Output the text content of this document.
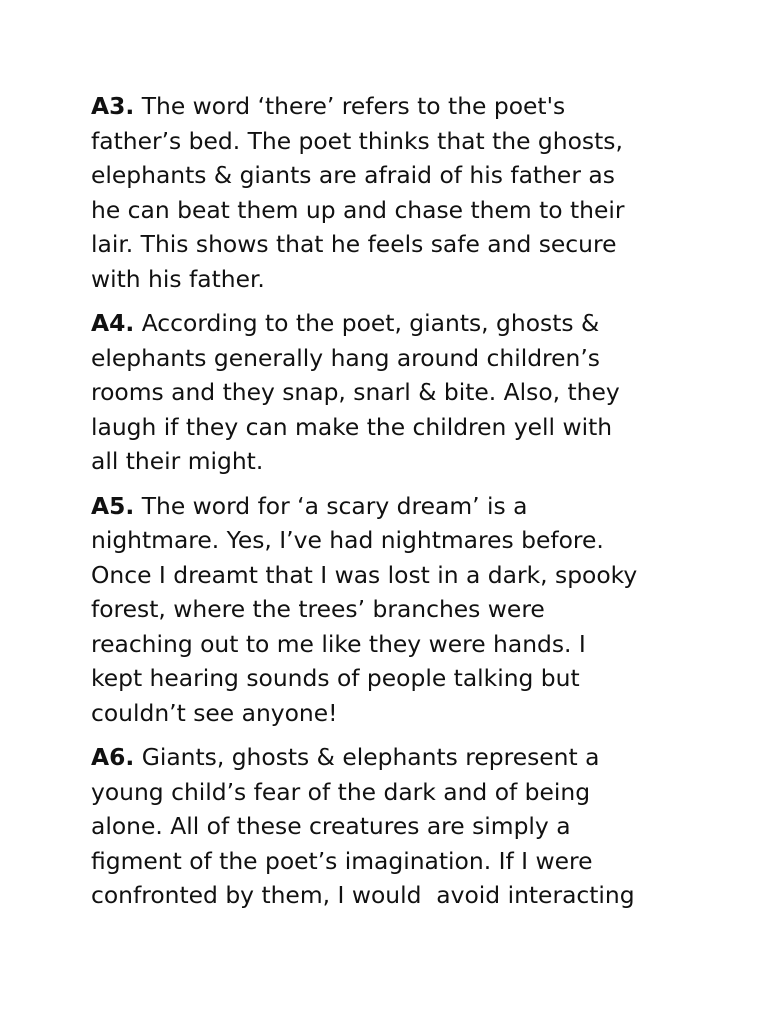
A3. The word ‘there’ refers to the poet's
father’s bed. The poet thinks that the ghosts,
elephants & giants are afraid of his father as
he can beat them up and chase them to their
lair. This shows that he feels safe and secure
with his father.

A4. According to the poet, giants, ghosts &
elephants generally hang around children’s
rooms and they snap, snarl & bite. Also, they
laugh if they can make the children yell with
all their might.

A5. The word for ‘a scary dream’ is a
nightmare. Yes, I’ve had nightmares before.
Once I dreamt that I was lost in a dark, spooky
forest, where the trees’ branches were
reaching out to me like they were hands. I
kept hearing sounds of people talking but
couldn’t see anyone!

A6. Giants, ghosts & elephants represent a
young child’s fear of the dark and of being
alone. All of these creatures are simply a
figment of the poet’s imagination. If I were
confronted by them, I would  avoid interacting
